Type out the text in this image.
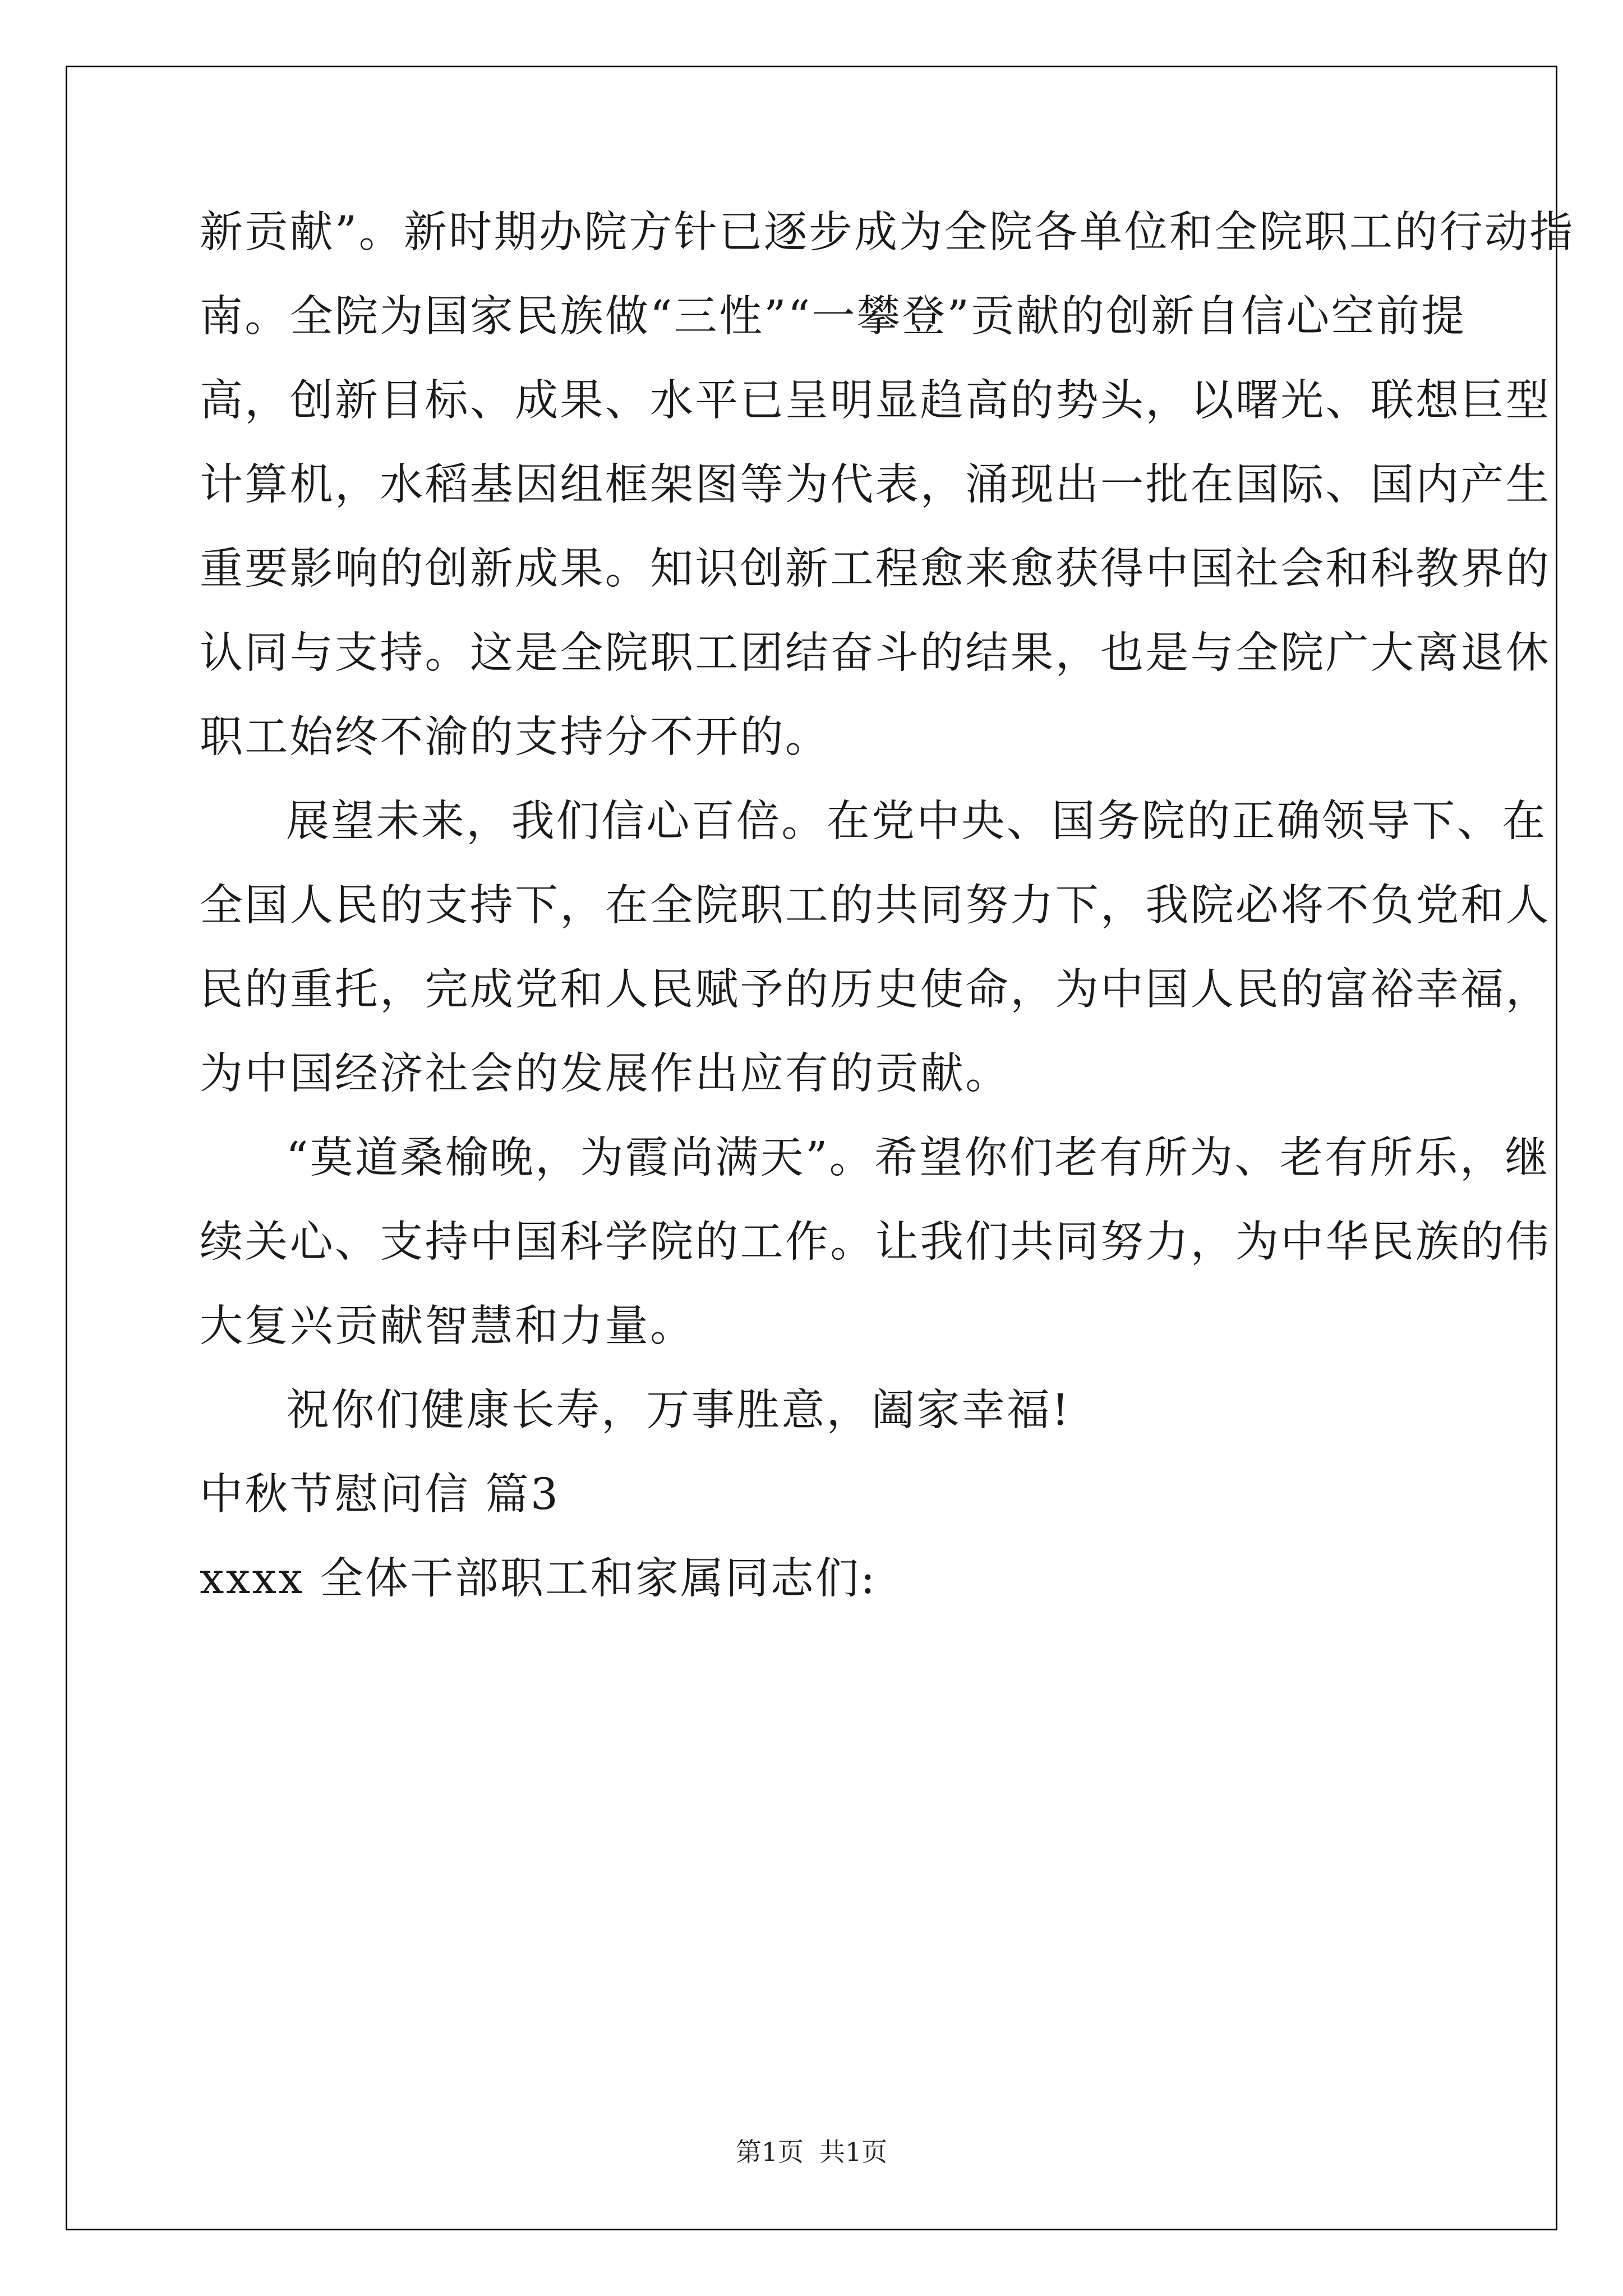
新贡献”。新时期办院方针已逐步成为全院各单位和全院职工的行动指
南。全院为国家民族做“三性”“一攀登”贡献的创新自信心空前提
高，创新目标、成果、水平已呈明显趋高的势头，以曙光、联想巨型
计算机，水稻基因组框架图等为代表，涌现出一批在国际、国内产生
重要影响的创新成果。知识创新工程愈来愈获得中国社会和科教界的
认同与支持。这是全院职工团结奋斗的结果，也是与全院广大离退休
职工始终不渝的支持分不开的。
展望未来，我们信心百倍。在党中央、国务院的正确领导下、在
全国人民的支持下，在全院职工的共同努力下，我院必将不负党和人
民的重托，完成党和人民赋予的历史使命，为中国人民的富裕幸福，
为中国经济社会的发展作出应有的贡献。
“莫道桑榆晚，为霞尚满天”。希望你们老有所为、老有所乐，继
续关心、支持中国科学院的工作。让我们共同努力，为中华民族的伟
大复兴贡献智慧和力量。
祝你们健康长寿，万事胜意，阖家幸福!
中秋节慰问信 篇3
xxxx 全体干部职工和家属同志们:
第1页 共1页
